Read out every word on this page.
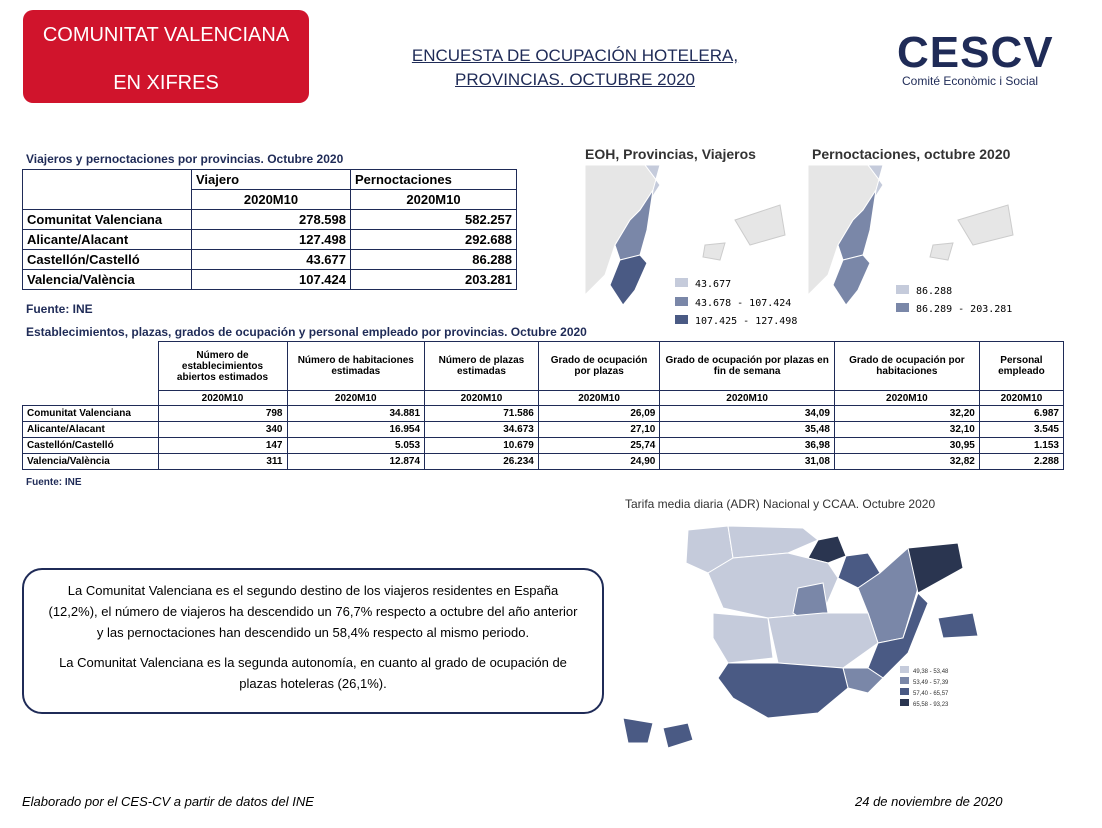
COMUNITAT VALENCIANA
EN XIFRES
ENCUESTA DE OCUPACIÓN HOTELERA,
PROVINCIAS. OCTUBRE 2020
CESCV
Comité Econòmic i Social
Viajeros y pernoctaciones por provincias. Octubre 2020
	Viajero	Pernoctaciones
	2020M10	2020M10
Comunitat Valenciana	278.598	582.257
Alicante/Alacant	127.498	292.688
Castellón/Castelló	43.677	86.288
Valencia/València	107.424	203.281
Fuente: INE
EOH, Provincias, Viajeros
43.677
43.678 - 107.424
107.425 - 127.498
Pernoctaciones, octubre 2020
86.288
86.289 - 203.281
Establecimientos, plazas, grados de ocupación y personal empleado por provincias. Octubre 2020
	Número de establecimientos abiertos estimados	Número de habitaciones estimadas	Número de plazas estimadas	Grado de ocupación por plazas	Grado de ocupación por plazas en fin de semana	Grado de ocupación por habitaciones	Personal empleado
	2020M10	2020M10	2020M10	2020M10	2020M10	2020M10	2020M10
Comunitat Valenciana	798	34.881	71.586	26,09	34,09	32,20	6.987
Alicante/Alacant	340	16.954	34.673	27,10	35,48	32,10	3.545
Castellón/Castelló	147	5.053	10.679	25,74	36,98	30,95	1.153
Valencia/València	311	12.874	26.234	24,90	31,08	32,82	2.288
Fuente: INE
Tarifa media diaria (ADR) Nacional y CCAA. Octubre 2020
49,38 - 53,48
53,49 - 57,39
57,40 - 65,57
65,58 - 93,23
La Comunitat Valenciana es el segundo destino de los viajeros residentes en España (12,2%), el número de viajeros ha descendido un 76,7% respecto a octubre del año anterior y las pernoctaciones han descendido un 58,4% respecto al mismo periodo.
La Comunitat Valenciana es la segunda autonomía, en cuanto al grado de ocupación de plazas hoteleras (26,1%).
Elaborado por el CES-CV a partir de datos del INE	24 de noviembre de 2020
